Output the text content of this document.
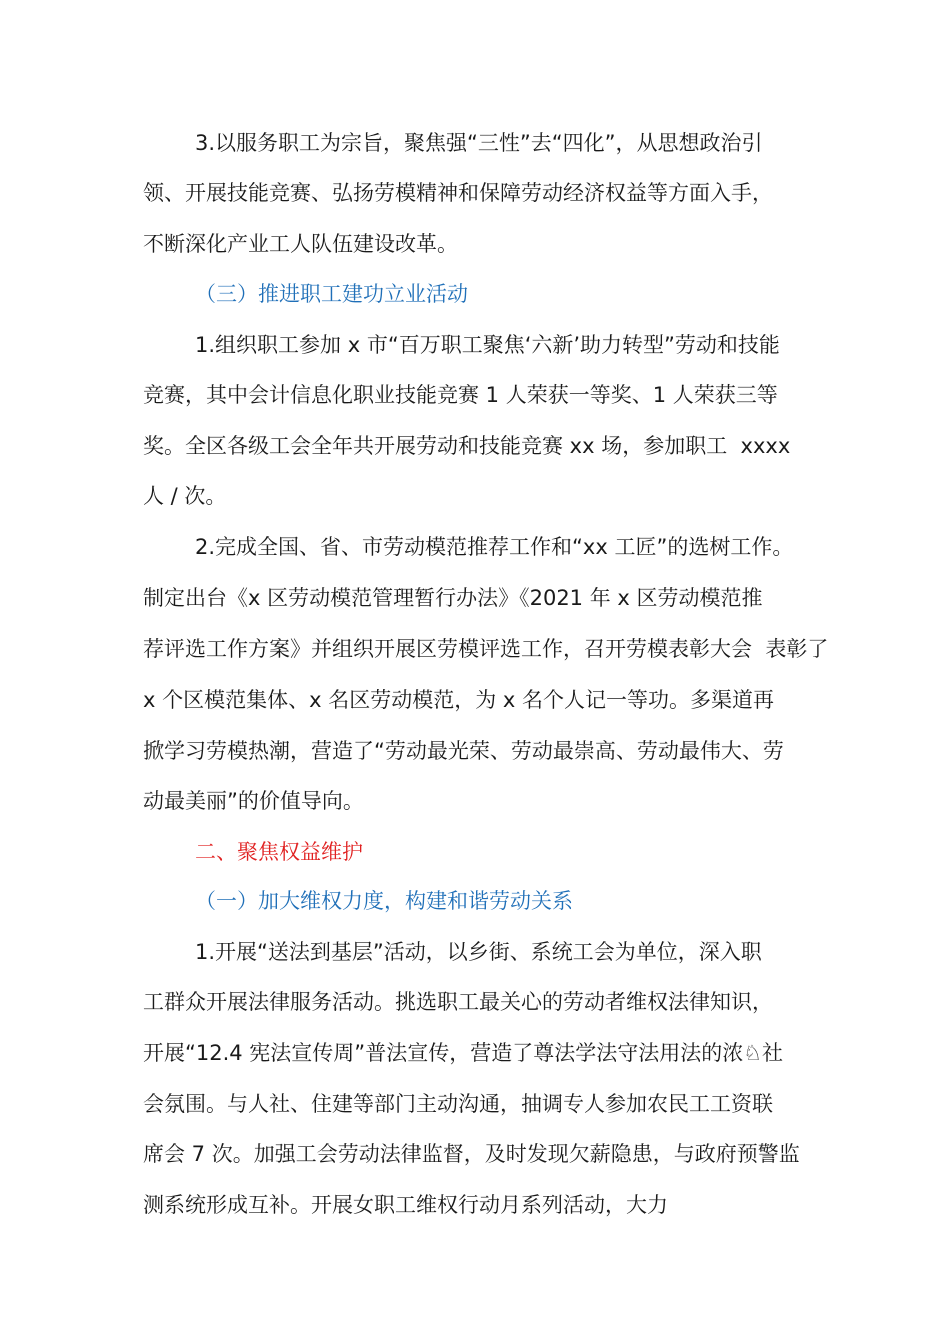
3.以服务职工为宗旨，聚焦强“三性”去“四化”，从思想政治引
领、开展技能竞赛、弘扬劳模精神和保障劳动经济权益等方面入手，
不断深化产业工人队伍建设改革。
（三）推进职工建功立业活动
1.组织职工参加 x 市“百万职工聚焦‘六新’助力转型”劳动和技能
竞赛，其中会计信息化职业技能竞赛 1 人荣获一等奖、1 人荣获三等
奖。全区各级工会全年共开展劳动和技能竞赛 xx 场，参加职工  xxxx
人 / 次。
2.完成全国、省、市劳动模范推荐工作和“xx 工匠”的选树工作。
制定出台《x 区劳动模范管理暂行办法》《2021 年 x 区劳动模范推
荐评选工作方案》并组织开展区劳模评选工作，召开劳模表彰大会  表彰了
x 个区模范集体、x 名区劳动模范，为 x 名个人记一等功。多渠道再
掀学习劳模热潮，营造了“劳动最光荣、劳动最崇高、劳动最伟大、劳
动最美丽”的价值导向。
二、聚焦权益维护
（一）加大维权力度，构建和谐劳动关系
1.开展“送法到基层”活动，以乡街、系统工会为单位，深入职
工群众开展法律服务活动。挑选职工最关心的劳动者维权法律知识，
开展“12.4 宪法宣传周”普法宣传，营造了尊法学法守法用法的浓♘社
会氛围。与人社、住建等部门主动沟通，抽调专人参加农民工工资联
席会 7 次。加强工会劳动法律监督，及时发现欠薪隐患，与政府预警监
测系统形成互补。开展女职工维权行动月系列活动，大力
